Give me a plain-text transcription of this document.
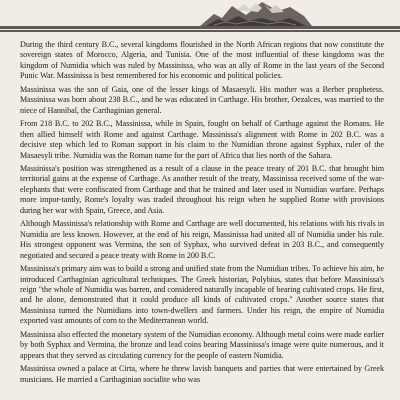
During the third century B.C., several kingdoms flourished in the North African regions that now constitute the sovereign states of Morocco, Algeria, and Tunisia. One of the most influential of these kingdoms was the kingdom of Numidia which was ruled by Massinissa, who was an ally of Rome in the last years of the Second Punic War. Massinissa is best remembered for his economic and political policies.

Massinissa was the son of Gaia, one of the lesser kings of Masaesyli. His mother was a Berber prophetess. Massinissa was born about 238 B.C., and he was educated in Carthage. His brother, Oezalces, was married to the niece of Hannibal, the Carthaginian general.

From 218 B.C. to 202 B.C., Massinissa, while in Spain, fought on behalf of Carthage against the Romans. He then allied himself with Rome and against Carthage. Massinissa's alignment with Rome in 202 B.C. was a decisive step which led to Roman support in his claim to the Numidian throne against Syphax, ruler of the Masaesyli tribe. Numidia was the Roman name for the part of Africa that lies north of the Sahara.

Massinissa's position was strengthened as a result of a clause in the peace treaty of 201 B.C. that brought him territorial gains at the expense of Carthage. As another result of the treaty, Massinissa received some of the war-elephants that were confiscated from Carthage and that he trained and later used in Numidian warfare. Perhaps more impor-tantly, Rome's loyalty was traded throughout his reign when he supplied Rome with provisions during her war with Spain, Greece, and Asia.

Although Massinissa's relationship with Rome and Carthage are well documented, his relations with his rivals in Numidia are less known. However, at the end of his reign, Massinissa had united all of Numidia under his rule. His strongest opponent was Vermina, the son of Syphax, who survived defeat in 203 B.C., and consequently negotiated and secured a peace treaty with Rome in 200 B.C.

Massinissa's primary aim was to build a strong and unified state from the Numidian tribes. To achieve his aim, he introduced Carthaginian agricultural techniques. The Greek historian, Polybius, states that before Massinissa's reign "the whole of Numidia was barren, and considered naturally incapable of bearing cultivated crops. He first, and he alone, demonstrated that it could produce all kinds of cultivated crops." Another source states that Massinissa turned the Numidians into town-dwellers and farmers. Under his reign, the empire of Numidia exported vast amounts of corn to the Mediterranean world.

Massinissa also effected the monetary system of the Numidian economy. Although metal coins were made earlier by both Syphax and Vermina, the bronze and lead coins bearing Massinissa's image were quite numerous, and it appears that they served as circulating currency for the people of eastern Numidia.

Massinissa owned a palace at Cirta, where he threw lavish banquets and parties that were entertained by Greek musicians. He married a Carthaginian socialite who was
